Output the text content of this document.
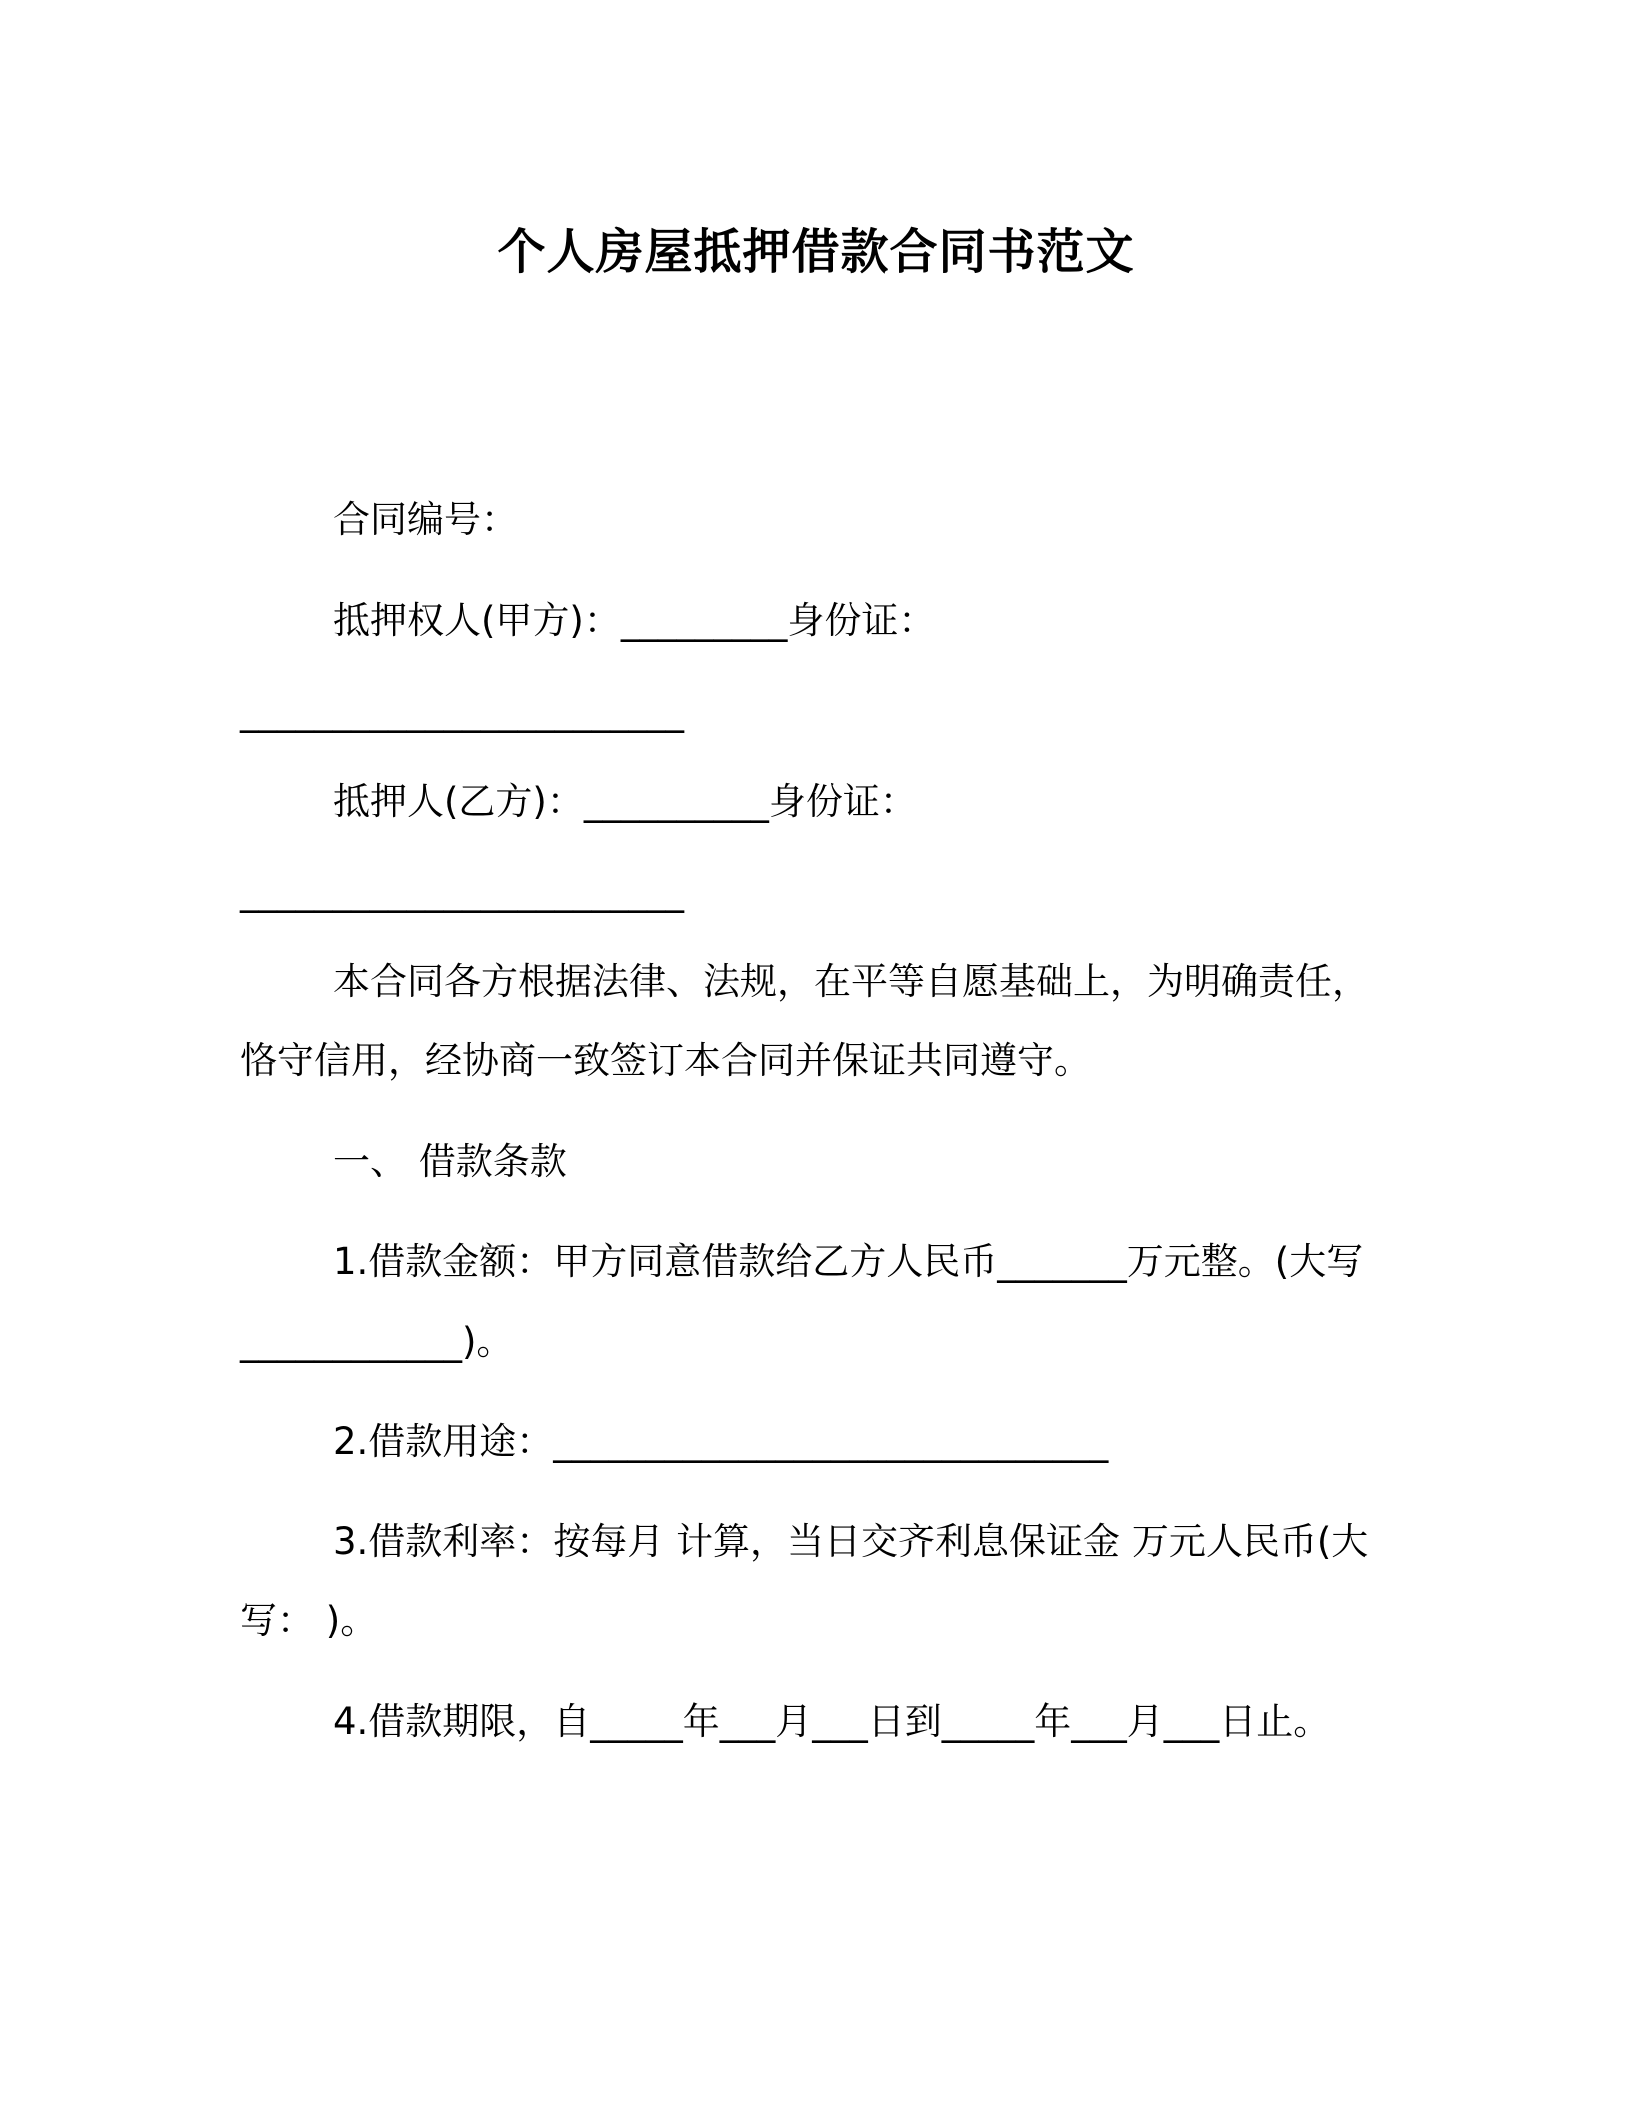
个人房屋抵押借款合同书范文
合同编号：
抵押权人(甲方)：_________身份证：
________________________
抵押人(乙方)：__________身份证：
________________________
本合同各方根据法律、法规，在平等自愿基础上，为明确责任，
恪守信用，经协商一致签订本合同并保证共同遵守。
一、 借款条款
1.借款金额：甲方同意借款给乙方人民币_______万元整。(大写
____________)。
2.借款用途：______________________________
3.借款利率：按每月 计算，当日交齐利息保证金 万元人民币(大
写： )。
4.借款期限，自_____年___月___日到_____年___月___日止。
